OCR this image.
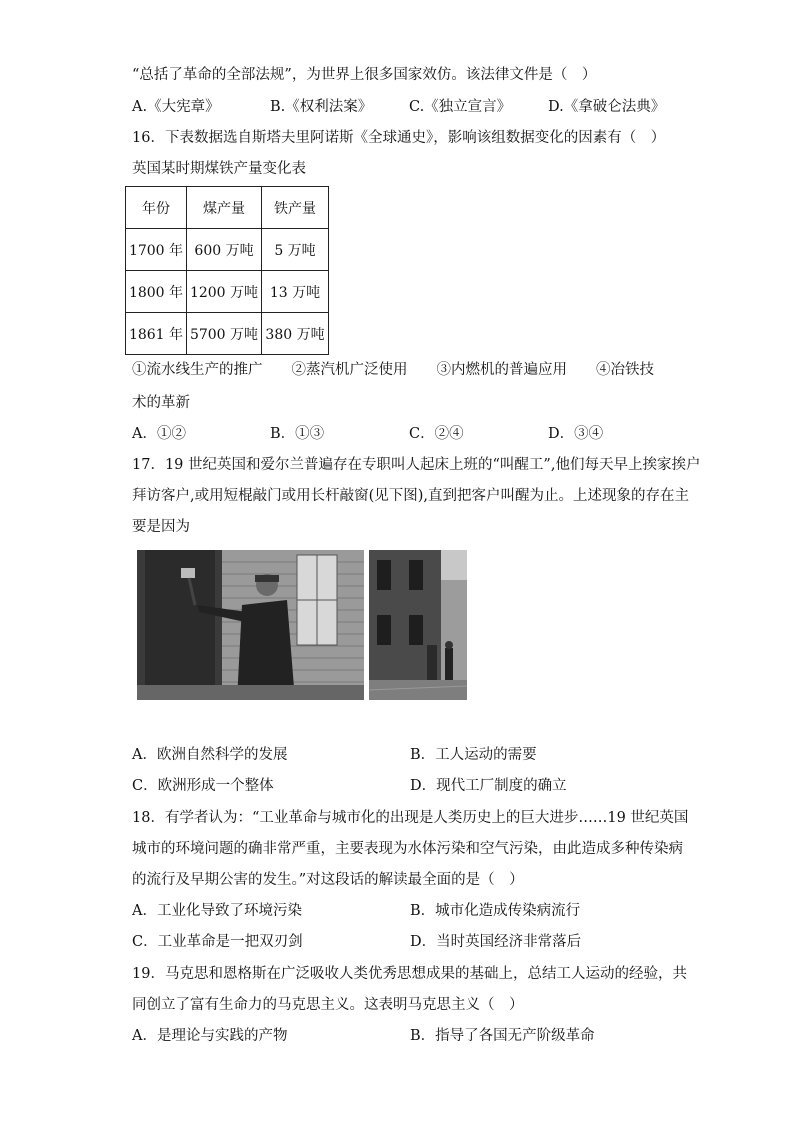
“总括了革命的全部法规”，为世界上很多国家效仿。该法律文件是（　）
A.《大宪章》	B.《权利法案》	C.《独立宣言》	D.《拿破仑法典》
16．下表数据选自斯塔夫里阿诺斯《全球通史》，影响该组数据变化的因素有（　）
英国某时期煤铁产量变化表
年份	煤产量	铁产量
1700 年	600 万吨	5 万吨
1800 年	1200 万吨	13 万吨
1861 年	5700 万吨	380 万吨
①流水线生产的推广　　②蒸汽机广泛使用　　③内燃机的普遍应用　　④冶铁技
术的革新
A．①②	B．①③	C．②④	D．③④
17．19 世纪英国和爱尔兰普遍存在专职叫人起床上班的“叫醒工”,他们每天早上挨家挨户
拜访客户,或用短棍敲门或用长杆敲窗(见下图),直到把客户叫醒为止。上述现象的存在主
要是因为
A．欧洲自然科学的发展	B．工人运动的需要
C．欧洲形成一个整体	D．现代工厂制度的确立
18．有学者认为：“工业革命与城市化的出现是人类历史上的巨大进步……19 世纪英国
城市的环境问题的确非常严重，主要表现为水体污染和空气污染，由此造成多种传染病
的流行及早期公害的发生。”对这段话的解读最全面的是（　）
A．工业化导致了环境污染	B．城市化造成传染病流行
C．工业革命是一把双刃剑	D．当时英国经济非常落后
19．马克思和恩格斯在广泛吸收人类优秀思想成果的基础上，总结工人运动的经验，共
同创立了富有生命力的马克思主义。这表明马克思主义（　）
A．是理论与实践的产物	B．指导了各国无产阶级革命
